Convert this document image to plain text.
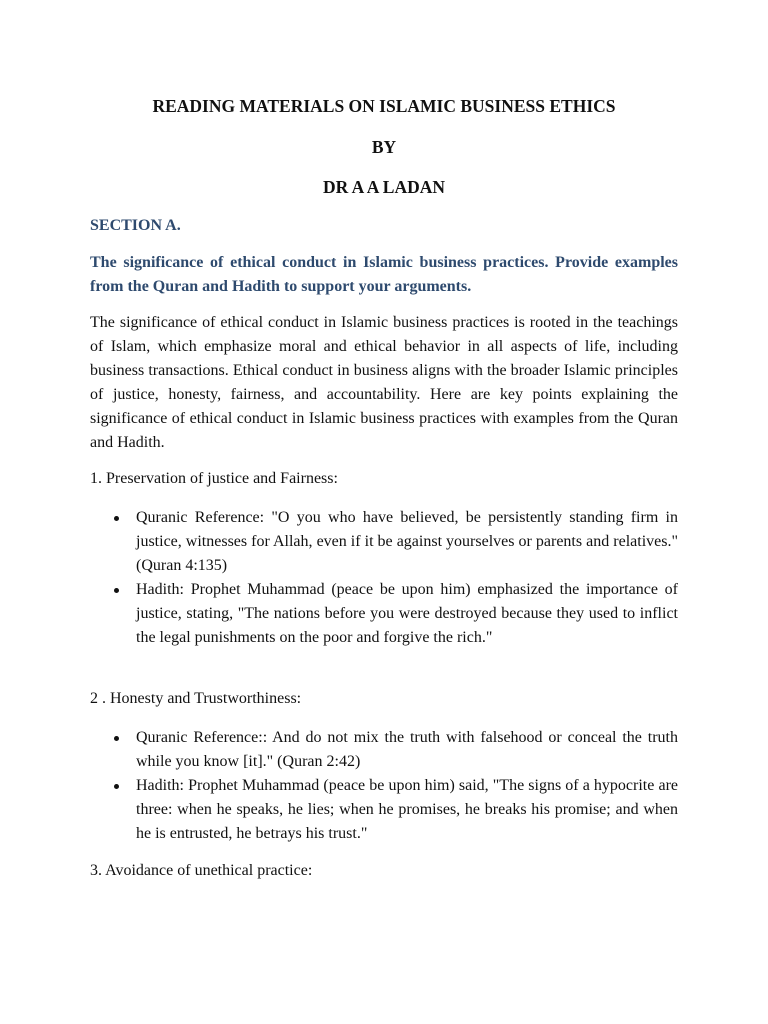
READING MATERIALS ON ISLAMIC BUSINESS ETHICS
BY
DR A A LADAN
SECTION A.

The significance of ethical conduct in Islamic business practices. Provide examples from the Quran and Hadith to support your arguments.

The significance of ethical conduct in Islamic business practices is rooted in the teachings of Islam, which emphasize moral and ethical behavior in all aspects of life, including business transactions. Ethical conduct in business aligns with the broader Islamic principles of justice, honesty, fairness, and accountability. Here are key points explaining the significance of ethical conduct in Islamic business practices with examples from the Quran and Hadith.

1. Preservation of justice and Fairness:

Quranic Reference: "O you who have believed, be persistently standing firm in justice, witnesses for Allah, even if it be against yourselves or parents and relatives." (Quran 4:135)
Hadith: Prophet Muhammad (peace be upon him) emphasized the importance of justice, stating, "The nations before you were destroyed because they used to inflict the legal punishments on the poor and forgive the rich."

2 . Honesty and Trustworthiness:

Quranic Reference:: And do not mix the truth with falsehood or conceal the truth while you know [it]." (Quran 2:42)
Hadith: Prophet Muhammad (peace be upon him) said, "The signs of a hypocrite are three: when he speaks, he lies; when he promises, he breaks his promise; and when he is entrusted, he betrays his trust."

3. Avoidance of unethical practice:
